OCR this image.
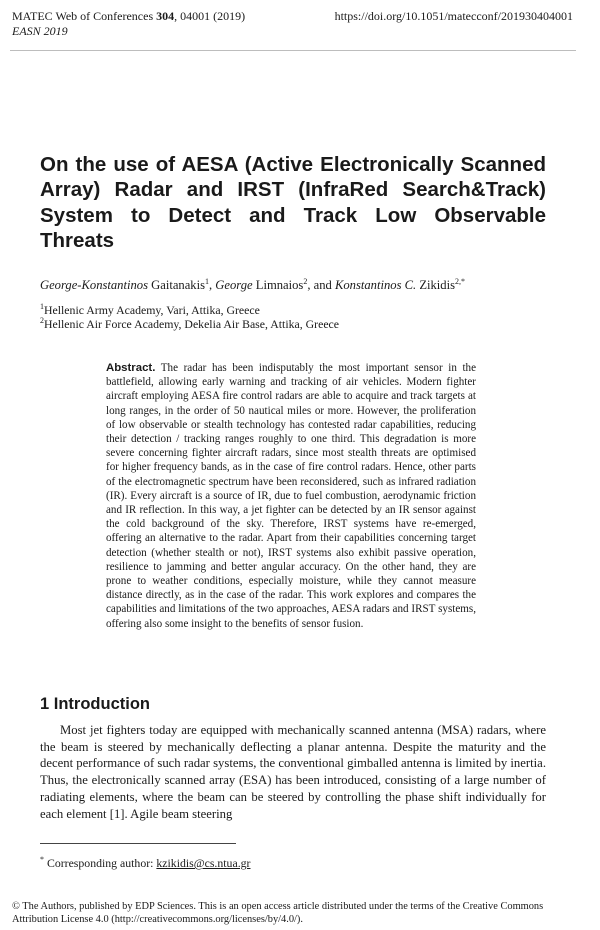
MATEC Web of Conferences 304, 04001 (2019)
EASN 2019
https://doi.org/10.1051/matecconf/201930404001
On the use of AESA (Active Electronically Scanned Array) Radar and IRST (InfraRed Search&Track) System to Detect and Track Low Observable Threats
George-Konstantinos Gaitanakis$^1$, George Limnaios$^2$, and Konstantinos C. Zikidis$^{2,*}$
$^1$Hellenic Army Academy, Vari, Attika, Greece
$^2$Hellenic Air Force Academy, Dekelia Air Base, Attika, Greece

Abstract. The radar has been indisputably the most important sensor in the battlefield, allowing early warning and tracking of air vehicles. Modern fighter aircraft employing AESA fire control radars are able to acquire and track targets at long ranges, in the order of 50 nautical miles or more. However, the proliferation of low observable or stealth technology has contested radar capabilities, reducing their detection / tracking ranges roughly to one third. This degradation is more severe concerning fighter aircraft radars, since most stealth threats are optimised for higher frequency bands, as in the case of fire control radars. Hence, other parts of the electromagnetic spectrum have been reconsidered, such as infrared radiation (IR). Every aircraft is a source of IR, due to fuel combustion, aerodynamic friction and IR reflection. In this way, a jet fighter can be detected by an IR sensor against the cold background of the sky. Therefore, IRST systems have re-emerged, offering an alternative to the radar. Apart from their capabilities concerning target detection (whether stealth or not), IRST systems also exhibit passive operation, resilience to jamming and better angular accuracy. On the other hand, they are prone to weather conditions, especially moisture, while they cannot measure distance directly, as in the case of the radar. This work explores and compares the capabilities and limitations of the two approaches, AESA radars and IRST systems, offering also some insight to the benefits of sensor fusion.

1 Introduction

Most jet fighters today are equipped with mechanically scanned antenna (MSA) radars, where the beam is steered by mechanically deflecting a planar antenna. Despite the maturity and the decent performance of such radar systems, the conventional gimballed antenna is limited by inertia. Thus, the electronically scanned array (ESA) has been introduced, consisting of a large number of radiating elements, where the beam can be steered by controlling the phase shift individually for each element [1]. Agile beam steering

* Corresponding author: kzikidis@cs.ntua.gr

© The Authors, published by EDP Sciences. This is an open access article distributed under the terms of the Creative Commons Attribution License 4.0 (http://creativecommons.org/licenses/by/4.0/).
